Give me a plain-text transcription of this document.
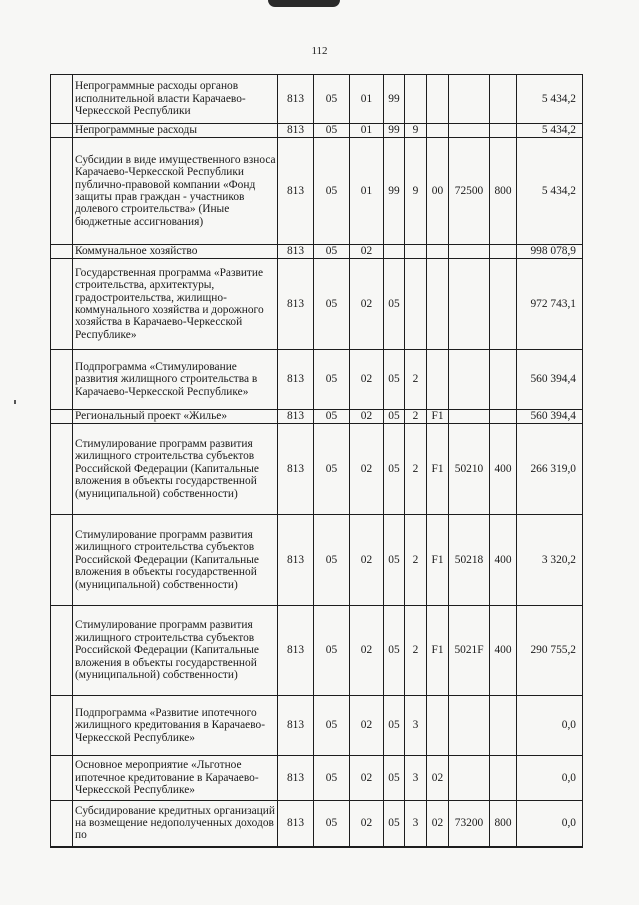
112
	Непрограммные расходы органов исполнительной власти Карачаево-Черкесской Республики	813	05	01	99					5 434,2
	Непрограммные расходы	813	05	01	99	9				5 434,2
	Субсидии в виде имущественного взноса Карачаево-Черкесской Республики публично-правовой компании «Фонд защиты прав граждан - участников долевого строительства» (Иные бюджетные ассигнования)	813	05	01	99	9	00	72500	800	5 434,2
	Коммунальное хозяйство	813	05	02						998 078,9
	Государственная программа «Развитие строительства, архитектуры, градостроительства, жилищно-коммунального хозяйства и дорожного хозяйства в Карачаево-Черкесской Республике»	813	05	02	05					972 743,1
	Подпрограмма «Стимулирование развития жилищного строительства в Карачаево-Черкесской Республике»	813	05	02	05	2				560 394,4
	Региональный проект «Жилье»	813	05	02	05	2	F1			560 394,4
	Стимулирование программ развития жилищного строительства субъектов Российской Федерации (Капитальные вложения в объекты государственной (муниципальной) собственности)	813	05	02	05	2	F1	50210	400	266 319,0
	Стимулирование программ развития жилищного строительства субъектов Российской Федерации (Капитальные вложения в объекты государственной (муниципальной) собственности)	813	05	02	05	2	F1	50218	400	3 320,2
	Стимулирование программ развития жилищного строительства субъектов Российской Федерации (Капитальные вложения в объекты государственной (муниципальной) собственности)	813	05	02	05	2	F1	5021F	400	290 755,2
	Подпрограмма «Развитие ипотечного жилищного кредитования в Карачаево-Черкесской Республике»	813	05	02	05	3				0,0
	Основное мероприятие «Льготное ипотечное кредитование в Карачаево-Черкесской Республике»	813	05	02	05	3	02			0,0
	Субсидирование кредитных организаций на возмещение недополученных доходов по	813	05	02	05	3	02	73200	800	0,0
